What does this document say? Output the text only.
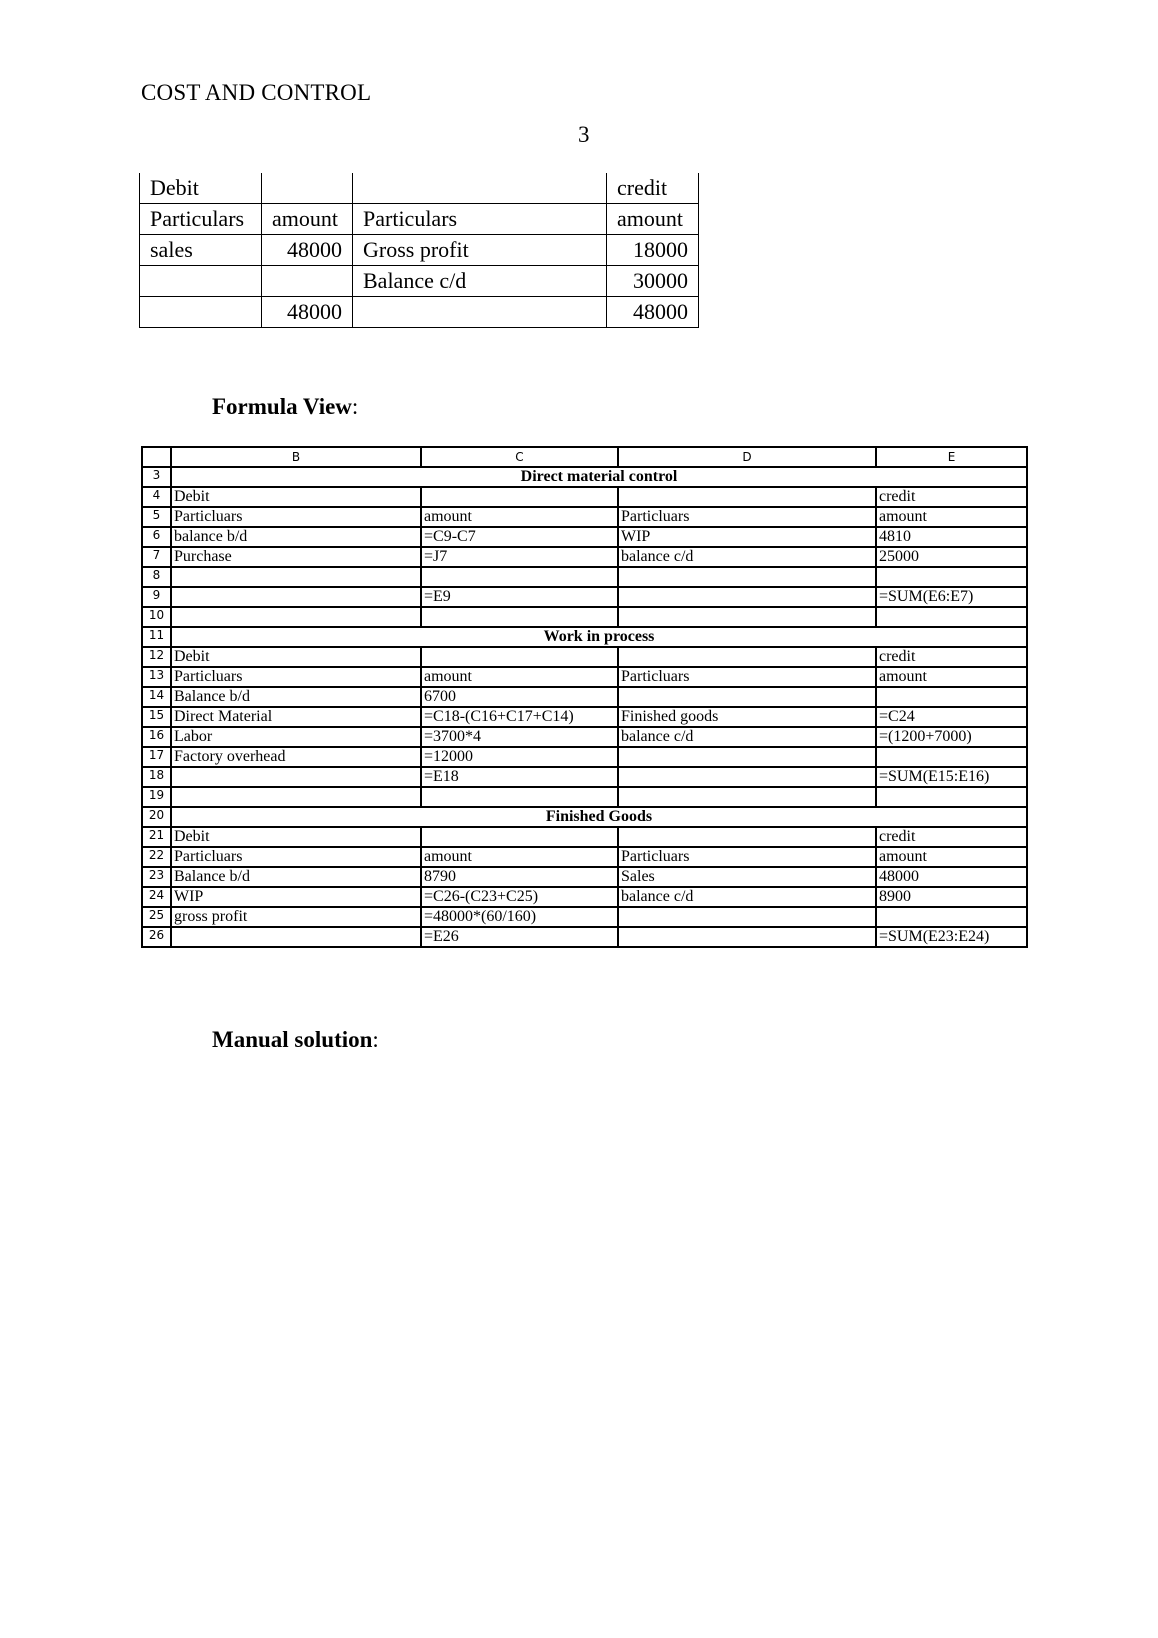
COST AND CONTROL
3
Debit			credit
Particulars	amount	Particulars	amount
sales	48000	Gross profit	18000
		Balance c/d	30000
	48000		48000
Formula View:
	B	C	D	E
3	Direct material control			
4	Debit			credit
5	Particluars	amount	Particluars	amount
6	balance b/d	=C9-C7	WIP	4810
7	Purchase	=J7	balance c/d	25000
8				
9		=E9		=SUM(E6:E7)
10				
11	Work in process			
12	Debit			credit
13	Particluars	amount	Particluars	amount
14	Balance b/d	6700		
15	Direct Material	=C18-(C16+C17+C14)	Finished goods	=C24
16	Labor	=3700*4	balance c/d	=(1200+7000)
17	Factory overhead	=12000		
18		=E18		=SUM(E15:E16)
19				
20	Finished Goods			
21	Debit			credit
22	Particluars	amount	Particluars	amount
23	Balance b/d	8790	Sales	48000
24	WIP	=C26-(C23+C25)	balance c/d	8900
25	gross profit	=48000*(60/160)		
26		=E26		=SUM(E23:E24)
Manual solution:
